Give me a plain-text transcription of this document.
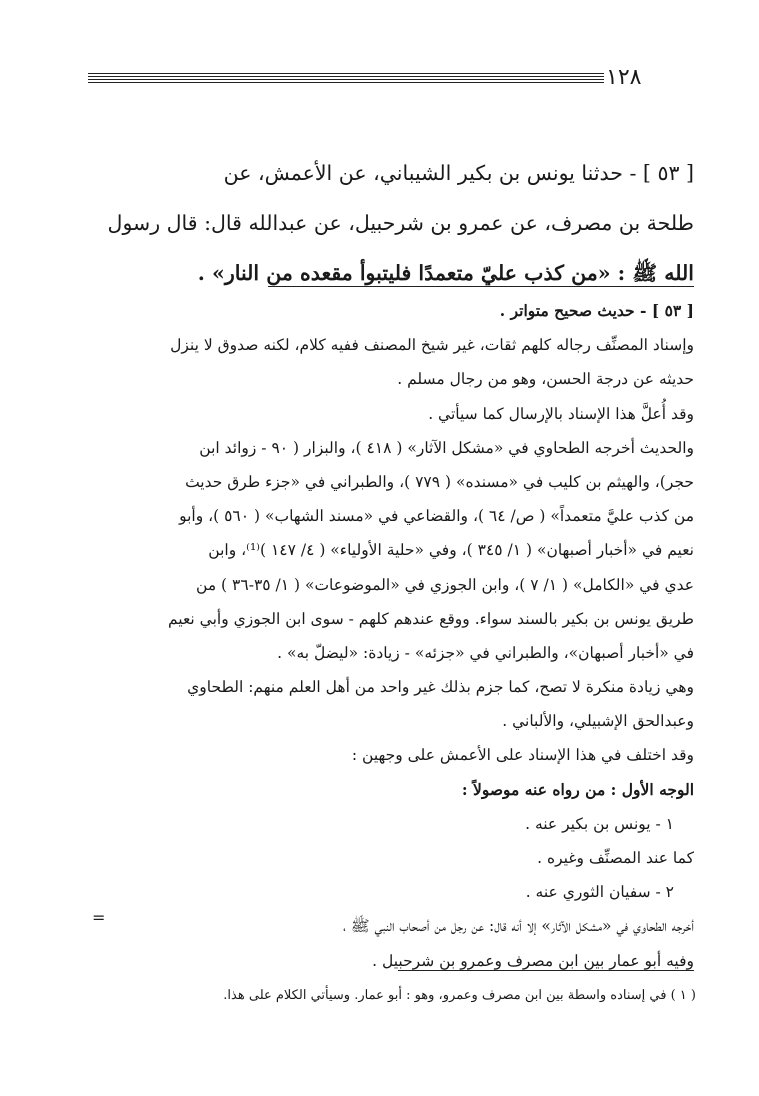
١٢٨
[ ٥٣ ] - حدثنا يونس بن بكير الشيباني، عن الأعمش، عن
طلحة بن مصرف، عن عمرو بن شرحبيل، عن عبدالله قال: قال رسول
الله ﷺ : «من كذب عليّ متعمدًا فليتبوأ مقعده من النار» .
[ ٥٣ ] - حديث صحيح متواتر .
وإسناد المصنِّف رجاله كلهم ثقات، غير شيخ المصنف ففيه كلام، لكنه صدوق لا ينزل
حديثه عن درجة الحسن، وهو من رجال مسلم .
وقد أُعلَّ هذا الإسناد بالإرسال كما سيأتي .
والحديث أخرجه الطحاوي في «مشكل الآثار» ( ٤١٨ )، والبزار ( ٩٠ - زوائد ابن
حجر)، والهيثم بن كليب في «مسنده» ( ٧٧٩ )، والطبراني في «جزء طرق حديث
من كذب عليَّ متعمداً» ( ص/ ٦٤ )، والقضاعي في «مسند الشهاب» ( ٥٦٠ )، وأبو
نعيم في «أخبار أصبهان» ( ١/ ٣٤٥ )، وفي «حلية الأولياء» ( ٤/ ١٤٧ )⁽¹⁾، وابن
عدي في «الكامل» ( ١/ ٧ )، وابن الجوزي في «الموضوعات» ( ١/ ٣٥-٣٦ ) من
طريق يونس بن بكير بالسند سواء. ووقع عندهم كلهم - سوى ابن الجوزي وأبي نعيم
في «أخبار أصبهان»، والطبراني في «جزئه» - زيادة: «ليضلّ به» .
وهي زيادة منكرة لا تصح، كما جزم بذلك غير واحد من أهل العلم منهم: الطحاوي
وعبدالحق الإشبيلي، والألباني .
وقد اختلف في هذا الإسناد على الأعمش على وجهين :
الوجه الأول : من رواه عنه موصولاً :
١ - يونس بن بكير عنه .
كما عند المصنِّف وغيره .
٢ - سفيان الثوري عنه .
أخرجه الطحاوي في «مشكل الآثار» إلا أنه قال: عن رجل من أصحاب النبي ﷺ ،
وفيه أبو عمار بين ابن مصرف وعمرو بن شرحبيل .
=
( ١ ) في إسناده واسطة بين ابن مصرف وعمرو، وهو : أبو عمار. وسيأتي الكلام على هذا.
